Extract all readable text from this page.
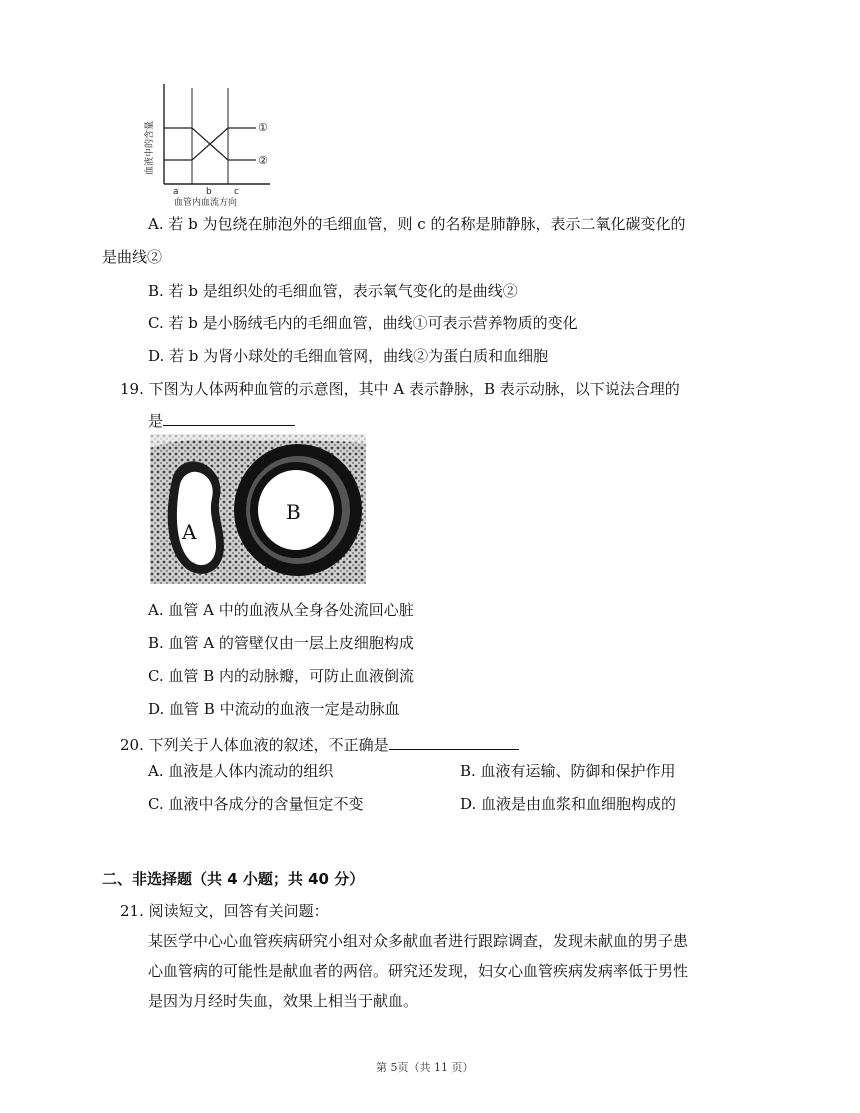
血液中的含量	①
②
a	b c
血管内血流方向
A. 若 b 为包绕在肺泡外的毛细血管，则 c 的名称是肺静脉，表示二氧化碳变化的
是曲线②
B. 若 b 是组织处的毛细血管，表示氧气变化的是曲线②
C. 若 b 是小肠绒毛内的毛细血管，曲线①可表示营养物质的变化
D. 若 b 为肾小球处的毛细血管网，曲线②为蛋白质和血细胞
19. 下图为人体两种血管的示意图，其中 A 表示静脉，B 表示动脉，以下说法合理的
是
A
B
A. 血管 A 中的血液从全身各处流回心脏
B. 血管 A 的管壁仅由一层上皮细胞构成
C. 血管 B 内的动脉瓣，可防止血液倒流
D. 血管 B 中流动的血液一定是动脉血
20. 下列关于人体血液的叙述，不正确是
A. 血液是人体内流动的组织	B. 血液有运输、防御和保护作用
C. 血液中各成分的含量恒定不变	D. 血液是由血浆和血细胞构成的
二、非选择题（共 4 小题；共 40 分）
21. 阅读短文，回答有关问题：
某医学中心心血管疾病研究小组对众多献血者进行跟踪调查，发现未献血的男子患
心血管病的可能性是献血者的两倍。研究还发现，妇女心血管疾病发病率低于男性
是因为月经时失血，效果上相当于献血。
第 5页（共 11 页）
